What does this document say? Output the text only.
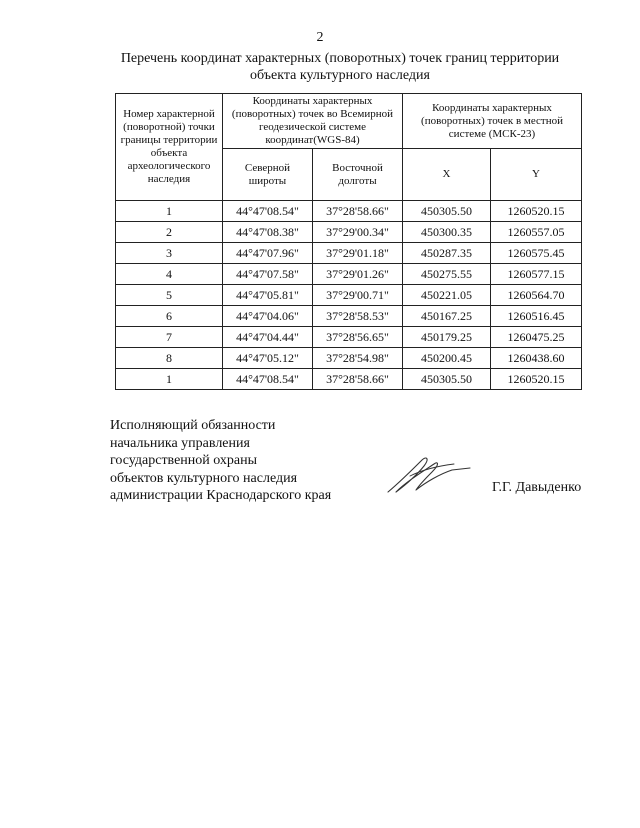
2
Перечень координат характерных (поворотных) точек границ территории
объекта культурного наследия
Номер характерной (поворотной) точки границы территории объекта археологического наследия	Координаты характерных (поворотных) точек во Всемирной геодезической системе координат(WGS-84)		Координаты характерных (поворотных) точек в местной системе (МСК-23)	
	Северной широты	Восточной долготы	X	Y
1	44°47'08.54"	37°28'58.66"	450305.50	1260520.15
2	44°47'08.38"	37°29'00.34"	450300.35	1260557.05
3	44°47'07.96"	37°29'01.18"	450287.35	1260575.45
4	44°47'07.58"	37°29'01.26"	450275.55	1260577.15
5	44°47'05.81"	37°29'00.71"	450221.05	1260564.70
6	44°47'04.06"	37°28'58.53"	450167.25	1260516.45
7	44°47'04.44"	37°28'56.65"	450179.25	1260475.25
8	44°47'05.12"	37°28'54.98"	450200.45	1260438.60
1	44°47'08.54"	37°28'58.66"	450305.50	1260520.15
Исполняющий обязанности
начальника управления
государственной охраны
объектов культурного наследия
администрации Краснодарского края
Г.Г. Давыденко
